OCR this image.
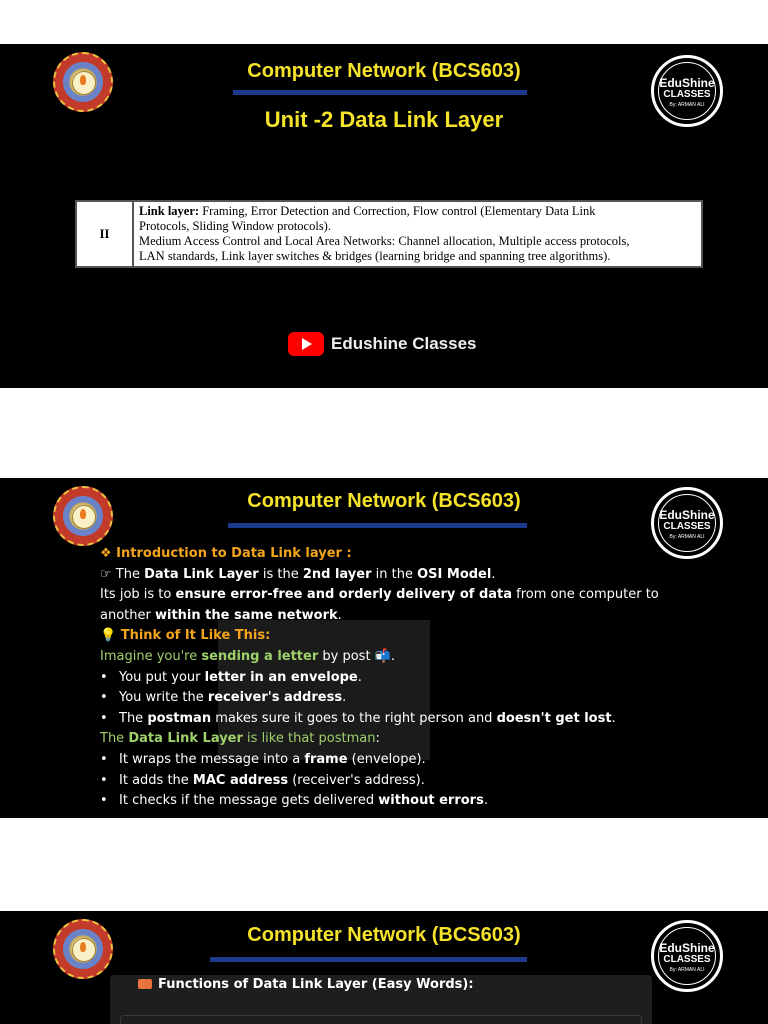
Computer Network (BCS603)
Unit -2 Data Link Layer
EduShine
CLASSES
By: ARMAN ALI
II	Link layer: Framing, Error Detection and Correction, Flow control (Elementary Data Link
Protocols, Sliding Window protocols).
Medium Access Control and Local Area Networks: Channel allocation, Multiple access protocols,
LAN standards, Link layer switches & bridges (learning bridge and spanning tree algorithms).
Edushine Classes
Computer Network (BCS603)
EduShine
CLASSES
By: ARMAN ALI
❖ Introduction to Data Link layer :
☞ The Data Link Layer is the 2nd layer in the OSI Model.
Its job is to ensure error-free and orderly delivery of data from one computer to
another within the same network.
💡 Think of It Like This:
Imagine you're sending a letter by post 📬.
• You put your letter in an envelope.
• You write the receiver's address.
• The postman makes sure it goes to the right person and doesn't get lost.
The Data Link Layer is like that postman:
• It wraps the message into a frame (envelope).
• It adds the MAC address (receiver's address).
• It checks if the message gets delivered without errors.
Computer Network (BCS603)
EduShine
CLASSES
By: ARMAN ALI
Functions of Data Link Layer (Easy Words):
